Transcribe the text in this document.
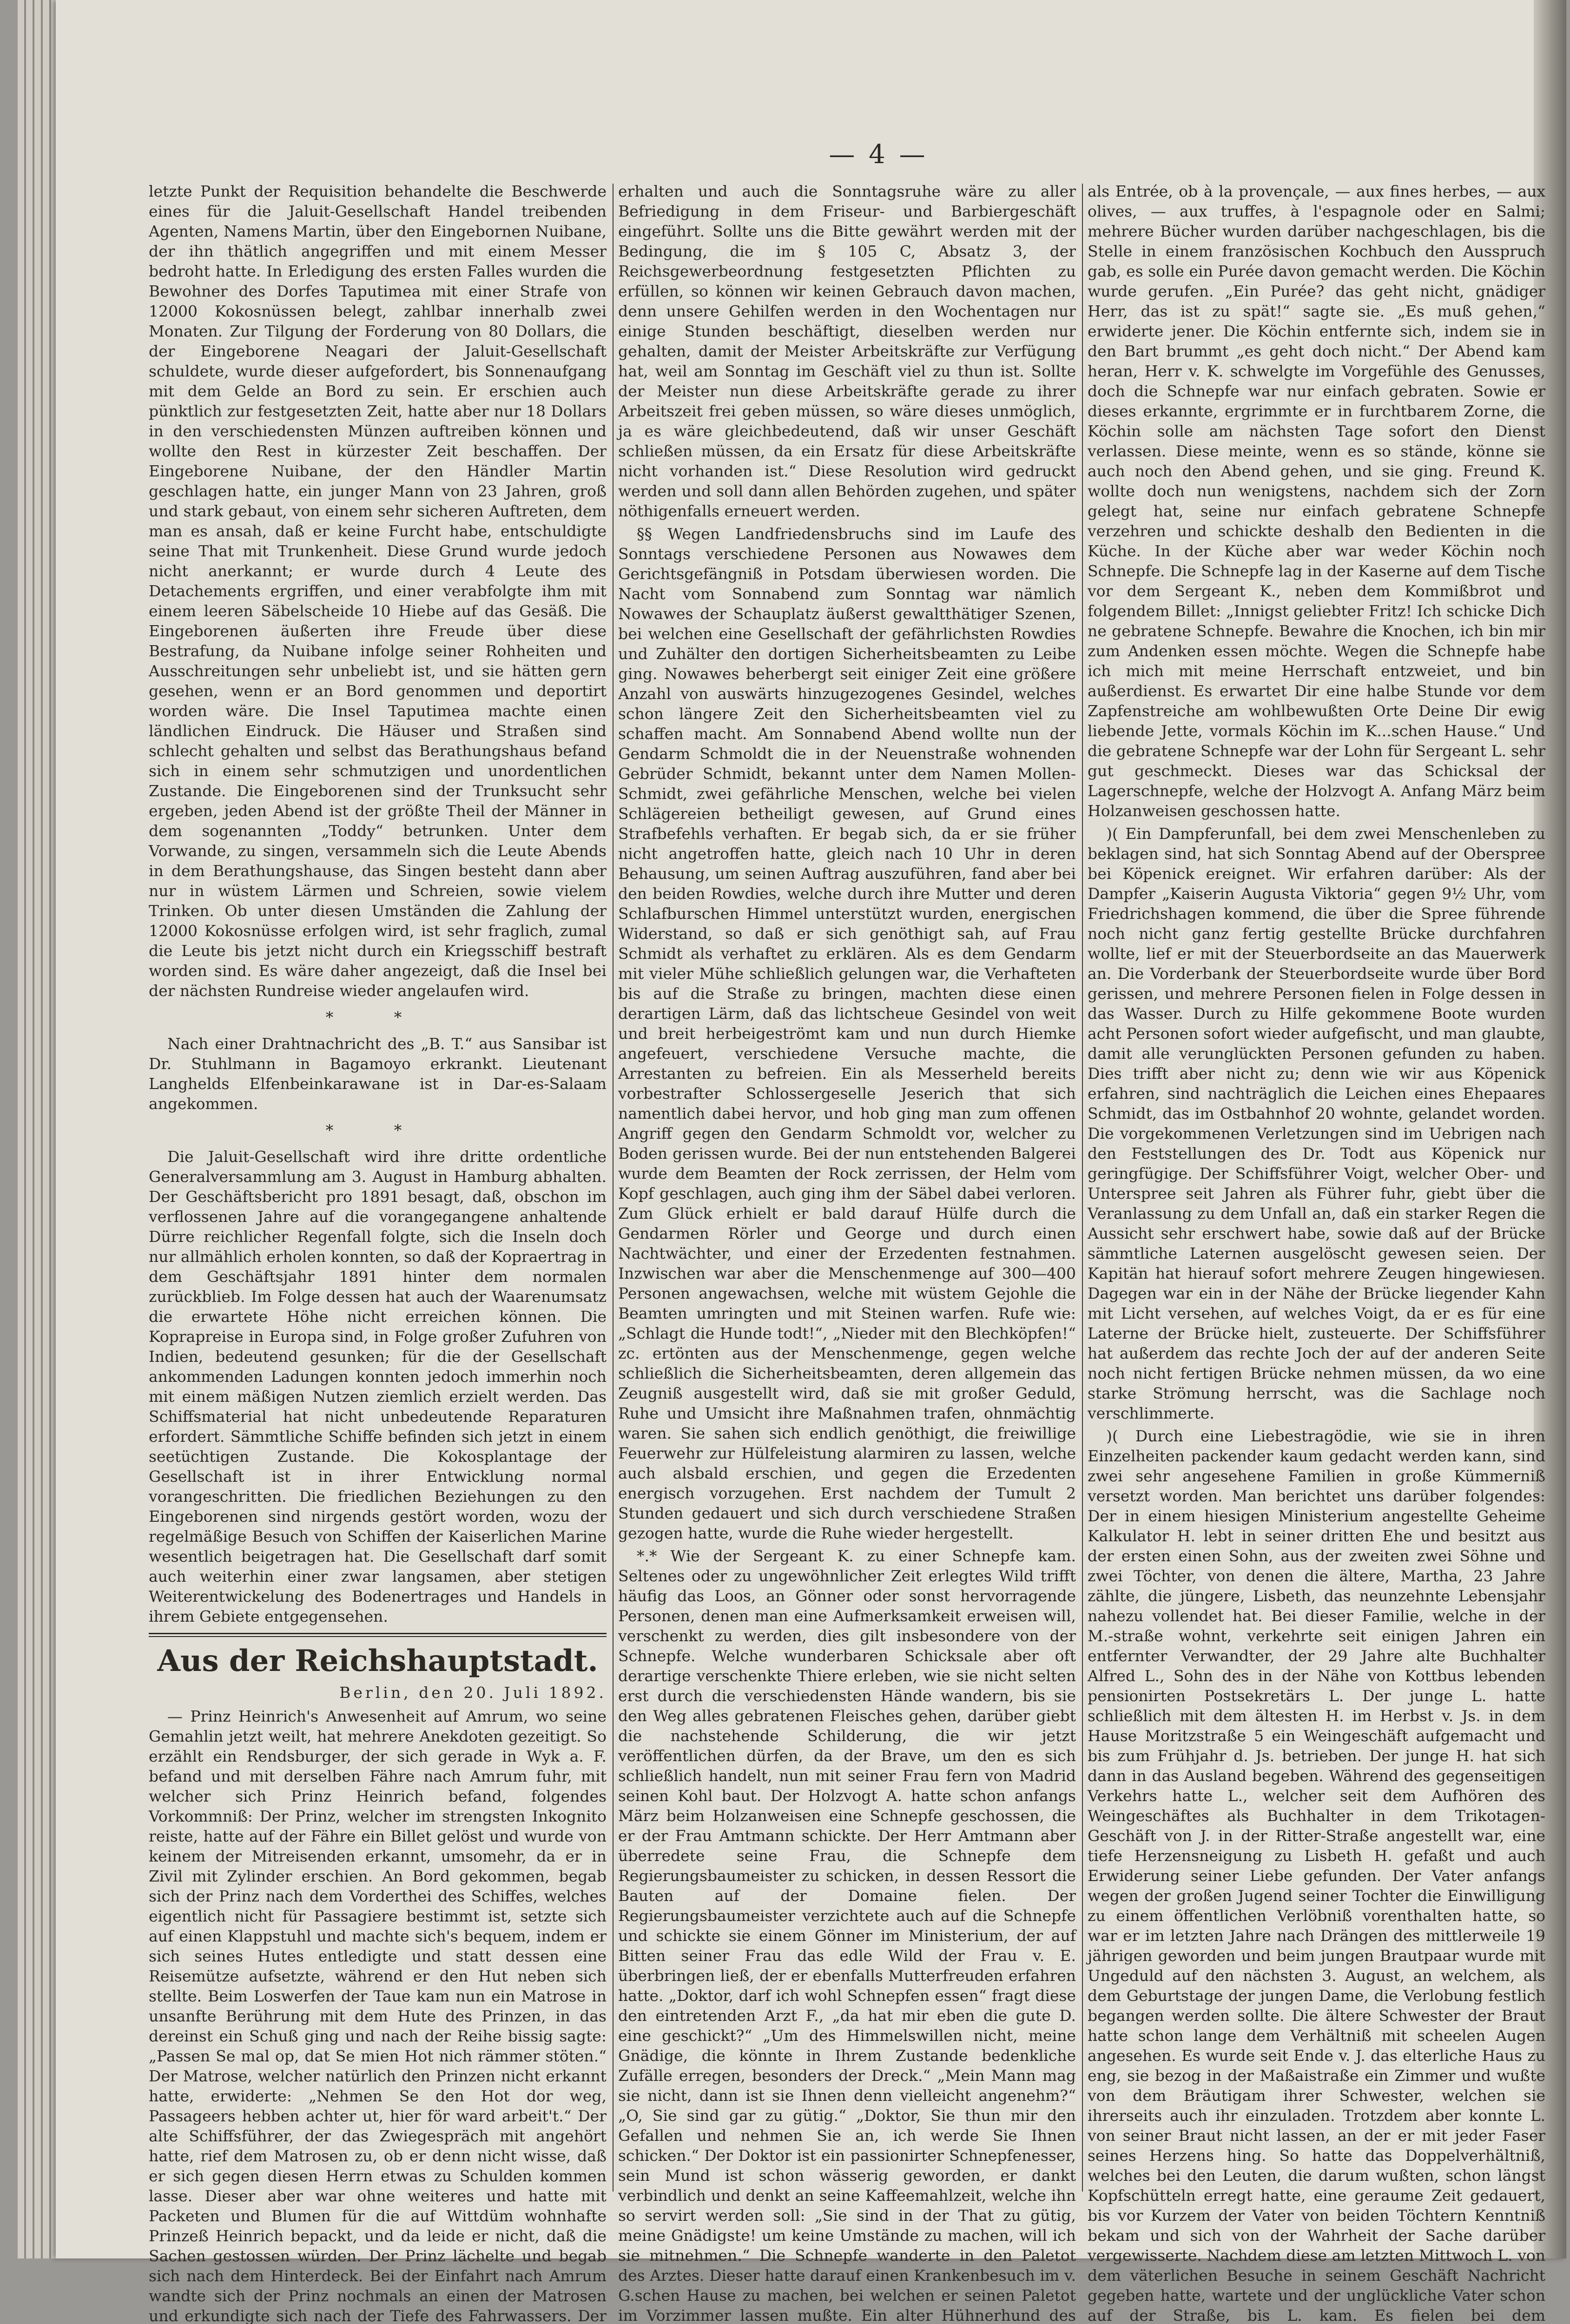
— 4 —

letzte Punkt der Requisition behandelte die Beschwerde eines für die Jaluit-Gesellschaft Handel treibenden Agenten, Namens Martin, über den Eingebornen Nuibane, der ihn thätlich angegriffen und mit einem Messer bedroht hatte. In Erledigung des ersten Falles wurden die Bewohner des Dorfes Taputimea mit einer Strafe von 12000 Kokosnüssen belegt, zahlbar innerhalb zwei Monaten. Zur Tilgung der Forderung von 80 Dollars, die der Eingeborene Neagari der Jaluit-Gesellschaft schuldete, wurde dieser aufgefordert, bis Sonnenaufgang mit dem Gelde an Bord zu sein. Er erschien auch pünktlich zur festgesetzten Zeit, hatte aber nur 18 Dollars in den verschiedensten Münzen auftreiben können und wollte den Rest in kürzester Zeit beschaffen. Der Eingeborene Nuibane, der den Händler Martin geschlagen hatte, ein junger Mann von 23 Jahren, groß und stark gebaut, von einem sehr sicheren Auftreten, dem man es ansah, daß er keine Furcht habe, entschuldigte seine That mit Trunkenheit. Diese Grund wurde jedoch nicht anerkannt; er wurde durch 4 Leute des Detachements ergriffen, und einer verabfolgte ihm mit einem leeren Säbelscheide 10 Hiebe auf das Gesäß. Die Eingeborenen äußerten ihre Freude über diese Bestrafung, da Nuibane infolge seiner Rohheiten und Ausschreitungen sehr unbeliebt ist, und sie hätten gern gesehen, wenn er an Bord genommen und deportirt worden wäre. Die Insel Taputimea machte einen ländlichen Eindruck. Die Häuser und Straßen sind schlecht gehalten und selbst das Berathungshaus befand sich in einem sehr schmutzigen und unordentlichen Zustande. Die Eingeborenen sind der Trunksucht sehr ergeben, jeden Abend ist der größte Theil der Männer in dem sogenannten „Toddy“ betrunken. Unter dem Vorwande, zu singen, versammeln sich die Leute Abends in dem Berathungshause, das Singen besteht dann aber nur in wüstem Lärmen und Schreien, sowie vielem Trinken. Ob unter diesen Umständen die Zahlung der 12000 Kokosnüsse erfolgen wird, ist sehr fraglich, zumal die Leute bis jetzt nicht durch ein Kriegsschiff bestraft worden sind. Es wäre daher angezeigt, daß die Insel bei der nächsten Rundreise wieder angelaufen wird.

* *

Nach einer Drahtnachricht des „B. T.“ aus Sansibar ist Dr. Stuhlmann in Bagamoyo erkrankt. Lieutenant Langhelds Elfenbeinkarawane ist in Dar-es-Salaam angekommen.

* *

Die Jaluit-Gesellschaft wird ihre dritte ordentliche Generalversammlung am 3. August in Hamburg abhalten. Der Geschäftsbericht pro 1891 besagt, daß, obschon im verflossenen Jahre auf die vorangegangene anhaltende Dürre reichlicher Regenfall folgte, sich die Inseln doch nur allmählich erholen konnten, so daß der Kopraertrag in dem Geschäftsjahr 1891 hinter dem normalen zurückblieb. Im Folge dessen hat auch der Waarenumsatz die erwartete Höhe nicht erreichen können. Die Koprapreise in Europa sind, in Folge großer Zufuhren von Indien, bedeutend gesunken; für die der Gesellschaft ankommenden Ladungen konnten jedoch immerhin noch mit einem mäßigen Nutzen ziemlich erzielt werden. Das Schiffsmaterial hat nicht unbedeutende Reparaturen erfordert. Sämmtliche Schiffe befinden sich jetzt in einem seetüchtigen Zustande. Die Kokosplantage der Gesellschaft ist in ihrer Entwicklung normal vorangeschritten. Die friedlichen Beziehungen zu den Eingeborenen sind nirgends gestört worden, wozu der regelmäßige Besuch von Schiffen der Kaiserlichen Marine wesentlich beigetragen hat. Die Gesellschaft darf somit auch weiterhin einer zwar langsamen, aber stetigen Weiterentwickelung des Bodenertrages und Handels in ihrem Gebiete entgegensehen.

Aus der Reichshauptstadt.
Berlin, den 20. Juli 1892.

— Prinz Heinrich's Anwesenheit auf Amrum, wo seine Gemahlin jetzt weilt, hat mehrere Anekdoten gezeitigt. So erzählt ein Rendsburger, der sich gerade in Wyk a. F. befand und mit derselben Fähre nach Amrum fuhr, mit welcher sich Prinz Heinrich befand, folgendes Vorkommniß: Der Prinz, welcher im strengsten Inkognito reiste, hatte auf der Fähre ein Billet gelöst und wurde von keinem der Mitreisenden erkannt, umsomehr, da er in Zivil mit Zylinder erschien. An Bord gekommen, begab sich der Prinz nach dem Vorderthei des Schiffes, welches eigentlich nicht für Passagiere bestimmt ist, setzte sich auf einen Klappstuhl und machte sich's bequem, indem er sich seines Hutes entledigte und statt dessen eine Reisemütze aufsetzte, während er den Hut neben sich stellte. Beim Loswerfen der Taue kam nun ein Matrose in unsanfte Berührung mit dem Hute des Prinzen, in das dereinst ein Schuß ging und nach der Reihe bissig sagte: „Passen Se mal op, dat Se mien Hot nich rämmer stöten.“ Der Matrose, welcher natürlich den Prinzen nicht erkannt hatte, erwiderte: „Nehmen Se den Hot dor weg, Passageers hebben achter ut, hier för ward arbeit't.“ Der alte Schiffsführer, der das Zwiegespräch mit angehört hatte, rief dem Matrosen zu, ob er denn nicht wisse, daß er sich gegen diesen Herrn etwas zu Schulden kommen lasse. Dieser aber war ohne weiteres und hatte mit Packeten und Blumen für die auf Wittdüm wohnhafte Prinzeß Heinrich bepackt, und da leide er nicht, daß die Sachen gestossen würden. Der Prinz lächelte und begab sich nach dem Hinterdeck. Bei der Einfahrt nach Amrum wandte sich der Prinz nochmals an einen der Matrosen und erkundigte sich nach der Tiefe des Fahrwassers. Der

erhalten und auch die Sonntagsruhe wäre zu aller Befriedigung in dem Friseur- und Barbiergeschäft eingeführt. Sollte uns die Bitte gewährt werden mit der Bedingung, die im § 105 C, Absatz 3, der Reichsgewerbeordnung festgesetzten Pflichten zu erfüllen, so können wir keinen Gebrauch davon machen, denn unsere Gehilfen werden in den Wochentagen nur einige Stunden beschäftigt, dieselben werden nur gehalten, damit der Meister Arbeitskräfte zur Verfügung hat, weil am Sonntag im Geschäft viel zu thun ist. Sollte der Meister nun diese Arbeitskräfte gerade zu ihrer Arbeitszeit frei geben müssen, so wäre dieses unmöglich, ja es wäre gleichbedeutend, daß wir unser Geschäft schließen müssen, da ein Ersatz für diese Arbeitskräfte nicht vorhanden ist.“ Diese Resolution wird gedruckt werden und soll dann allen Behörden zugehen, und später nöthigenfalls erneuert werden.

§§ Wegen Landfriedensbruchs sind im Laufe des Sonntags verschiedene Personen aus Nowawes dem Gerichtsgefängniß in Potsdam überwiesen worden. Die Nacht vom Sonnabend zum Sonntag war nämlich Nowawes der Schauplatz äußerst gewaltthätiger Szenen, bei welchen eine Gesellschaft der gefährlichsten Rowdies und Zuhälter den dortigen Sicherheitsbeamten zu Leibe ging. Nowawes beherbergt seit einiger Zeit eine größere Anzahl von auswärts hinzugezogenes Gesindel, welches schon längere Zeit den Sicherheitsbeamten viel zu schaffen macht. Am Sonnabend Abend wollte nun der Gendarm Schmoldt die in der Neuenstraße wohnenden Gebrüder Schmidt, bekannt unter dem Namen Mollen-Schmidt, zwei gefährliche Menschen, welche bei vielen Schlägereien betheiligt gewesen, auf Grund eines Strafbefehls verhaften. Er begab sich, da er sie früher nicht angetroffen hatte, gleich nach 10 Uhr in deren Behausung, um seinen Auftrag auszuführen, fand aber bei den beiden Rowdies, welche durch ihre Mutter und deren Schlafburschen Himmel unterstützt wurden, energischen Widerstand, so daß er sich genöthigt sah, auf Frau Schmidt als verhaftet zu erklären. Als es dem Gendarm mit vieler Mühe schließlich gelungen war, die Verhafteten bis auf die Straße zu bringen, machten diese einen derartigen Lärm, daß das lichtscheue Gesindel von weit und breit herbeigeströmt kam und nun durch Hiemke angefeuert, verschiedene Versuche machte, die Arrestanten zu befreien. Ein als Messerheld bereits vorbestrafter Schlossergeselle Jeserich that sich namentlich dabei hervor, und hob ging man zum offenen Angriff gegen den Gendarm Schmoldt vor, welcher zu Boden gerissen wurde. Bei der nun entstehenden Balgerei wurde dem Beamten der Rock zerrissen, der Helm vom Kopf geschlagen, auch ging ihm der Säbel dabei verloren. Zum Glück erhielt er bald darauf Hülfe durch die Gendarmen Rörler und George und durch einen Nachtwächter, und einer der Erzedenten festnahmen. Inzwischen war aber die Menschenmenge auf 300—400 Personen angewachsen, welche mit wüstem Gejohle die Beamten umringten und mit Steinen warfen. Rufe wie: „Schlagt die Hunde todt!“, „Nieder mit den Blechköpfen!“ zc. ertönten aus der Menschenmenge, gegen welche schließlich die Sicherheitsbeamten, deren allgemein das Zeugniß ausgestellt wird, daß sie mit großer Geduld, Ruhe und Umsicht ihre Maßnahmen trafen, ohnmächtig waren. Sie sahen sich endlich genöthigt, die freiwillige Feuerwehr zur Hülfeleistung alarmiren zu lassen, welche auch alsbald erschien, und gegen die Erzedenten energisch vorzugehen. Erst nachdem der Tumult 2 Stunden gedauert und sich durch verschiedene Straßen gezogen hatte, wurde die Ruhe wieder hergestellt.

*.* Wie der Sergeant K. zu einer Schnepfe kam. Seltenes oder zu ungewöhnlicher Zeit erlegtes Wild trifft häufig das Loos, an Gönner oder sonst hervorragende Personen, denen man eine Aufmerksamkeit erweisen will, verschenkt zu werden, dies gilt insbesondere von der Schnepfe. Welche wunderbaren Schicksale aber oft derartige verschenkte Thiere erleben, wie sie nicht selten erst durch die verschiedensten Hände wandern, bis sie den Weg alles gebratenen Fleisches gehen, darüber giebt die nachstehende Schilderung, die wir jetzt veröffentlichen dürfen, da der Brave, um den es sich schließlich handelt, nun mit seiner Frau fern von Madrid seinen Kohl baut. Der Holzvogt A. hatte schon anfangs März beim Holzanweisen eine Schnepfe geschossen, die er der Frau Amtmann schickte. Der Herr Amtmann aber überredete seine Frau, die Schnepfe dem Regierungsbaumeister zu schicken, in dessen Ressort die Bauten auf der Domaine fielen. Der Regierungsbaumeister verzichtete auch auf die Schnepfe und schickte sie einem Gönner im Ministerium, der auf Bitten seiner Frau das edle Wild der Frau v. E. überbringen ließ, der er ebenfalls Mutterfreuden erfahren hatte. „Doktor, darf ich wohl Schnepfen essen“ fragt diese den eintretenden Arzt F., „da hat mir eben die gute D. eine geschickt?“ „Um des Himmelswillen nicht, meine Gnädige, die könnte in Ihrem Zustande bedenkliche Zufälle erregen, besonders der Dreck.“ „Mein Mann mag sie nicht, dann ist sie Ihnen denn vielleicht angenehm?“ „O, Sie sind gar zu gütig.“ „Doktor, Sie thun mir den Gefallen und nehmen Sie an, ich werde Sie Ihnen schicken.“ Der Doktor ist ein passionirter Schnepfenesser, sein Mund ist schon wässerig geworden, er dankt verbindlich und denkt an seine Kaffeemahlzeit, welche ihn so servirt werden soll: „Sie sind in der That zu gütig, meine Gnädigste! um keine Umstände zu machen, will ich sie mitnehmen.“ Die Schnepfe wanderte in den Paletot des Arztes. Dieser hatte darauf einen Krankenbesuch im v. G.schen Hause zu machen, bei welchen er seinen Paletot im Vorzimmer lassen mußte. Ein alter Hühnerhund des

als Entrée, ob à la provençale, — aux fines herbes, — aux olives, — aux truffes, à l'espagnole oder en Salmi; mehrere Bücher wurden darüber nachgeschlagen, bis die Stelle in einem französischen Kochbuch den Ausspruch gab, es solle ein Purée davon gemacht werden. Die Köchin wurde gerufen. „Ein Purée? das geht nicht, gnädiger Herr, das ist zu spät!“ sagte sie. „Es muß gehen,“ erwiderte jener. Die Köchin entfernte sich, indem sie in den Bart brummt „es geht doch nicht.“ Der Abend kam heran, Herr v. K. schwelgte im Vorgefühle des Genusses, doch die Schnepfe war nur einfach gebraten. Sowie er dieses erkannte, ergrimmte er in furchtbarem Zorne, die Köchin solle am nächsten Tage sofort den Dienst verlassen. Diese meinte, wenn es so stände, könne sie auch noch den Abend gehen, und sie ging. Freund K. wollte doch nun wenigstens, nachdem sich der Zorn gelegt hat, seine nur einfach gebratene Schnepfe verzehren und schickte deshalb den Bedienten in die Küche. In der Küche aber war weder Köchin noch Schnepfe. Die Schnepfe lag in der Kaserne auf dem Tische vor dem Sergeant K., neben dem Kommißbrot und folgendem Billet: „Innigst geliebter Fritz! Ich schicke Dich ne gebratene Schnepfe. Bewahre die Knochen, ich bin mir zum Andenken essen möchte. Wegen die Schnepfe habe ich mich mit meine Herrschaft entzweiet, und bin außerdienst. Es erwartet Dir eine halbe Stunde vor dem Zapfenstreiche am wohlbewußten Orte Deine Dir ewig liebende Jette, vormals Köchin im K...schen Hause.“ Und die gebratene Schnepfe war der Lohn für Sergeant L. sehr gut geschmeckt. Dieses war das Schicksal der Lagerschnepfe, welche der Holzvogt A. Anfang März beim Holzanweisen geschossen hatte.

)( Ein Dampferunfall, bei dem zwei Menschenleben zu beklagen sind, hat sich Sonntag Abend auf der Oberspree bei Köpenick ereignet. Wir erfahren darüber: Als der Dampfer „Kaiserin Augusta Viktoria“ gegen 9½ Uhr, vom Friedrichshagen kommend, die über die Spree führende noch nicht ganz fertig gestellte Brücke durchfahren wollte, lief er mit der Steuerbordseite an das Mauerwerk an. Die Vorderbank der Steuerbordseite wurde über Bord gerissen, und mehrere Personen fielen in Folge dessen in das Wasser. Durch zu Hilfe gekommene Boote wurden acht Personen sofort wieder aufgefischt, und man glaubte, damit alle verunglückten Personen gefunden zu haben. Dies trifft aber nicht zu; denn wie wir aus Köpenick erfahren, sind nachträglich die Leichen eines Ehepaares Schmidt, das im Ostbahnhof 20 wohnte, gelandet worden. Die vorgekommenen Verletzungen sind im Uebrigen nach den Feststellungen des Dr. Todt aus Köpenick nur geringfügige. Der Schiffsführer Voigt, welcher Ober- und Unterspree seit Jahren als Führer fuhr, giebt über die Veranlassung zu dem Unfall an, daß ein starker Regen die Aussicht sehr erschwert habe, sowie daß auf der Brücke sämmtliche Laternen ausgelöscht gewesen seien. Der Kapitän hat hierauf sofort mehrere Zeugen hingewiesen. Dagegen war ein in der Nähe der Brücke liegender Kahn mit Licht versehen, auf welches Voigt, da er es für eine Laterne der Brücke hielt, zusteuerte. Der Schiffsführer hat außerdem das rechte Joch der auf der anderen Seite noch nicht fertigen Brücke nehmen müssen, da wo eine starke Strömung herrscht, was die Sachlage noch verschlimmerte.

)( Durch eine Liebestragödie, wie sie in ihren Einzelheiten packender kaum gedacht werden kann, sind zwei sehr angesehene Familien in große Kümmerniß versetzt worden. Man berichtet uns darüber folgendes: Der in einem hiesigen Ministerium angestellte Geheime Kalkulator H. lebt in seiner dritten Ehe und besitzt aus der ersten einen Sohn, aus der zweiten zwei Söhne und zwei Töchter, von denen die ältere, Martha, 23 Jahre zählte, die jüngere, Lisbeth, das neunzehnte Lebensjahr nahezu vollendet hat. Bei dieser Familie, welche in der M.-straße wohnt, verkehrte seit einigen Jahren ein entfernter Verwandter, der 29 Jahre alte Buchhalter Alfred L., Sohn des in der Nähe von Kottbus lebenden pensionirten Postsekretärs L. Der junge L. hatte schließlich mit dem ältesten H. im Herbst v. Js. in dem Hause Moritzstraße 5 ein Weingeschäft aufgemacht und bis zum Frühjahr d. Js. betrieben. Der junge H. hat sich dann in das Ausland begeben. Während des gegenseitigen Verkehrs hatte L., welcher seit dem Aufhören des Weingeschäftes als Buchhalter in dem Trikotagen-Geschäft von J. in der Ritter-Straße angestellt war, eine tiefe Herzensneigung zu Lisbeth H. gefaßt und auch Erwiderung seiner Liebe gefunden. Der Vater anfangs wegen der großen Jugend seiner Tochter die Einwilligung zu einem öffentlichen Verlöbniß vorenthalten hatte, so war er im letzten Jahre nach Drängen des mittlerweile 19 jährigen geworden und beim jungen Brautpaar wurde mit Ungeduld auf den nächsten 3. August, an welchem, als dem Geburtstage der jungen Dame, die Verlobung festlich begangen werden sollte. Die ältere Schwester der Braut hatte schon lange dem Verhältniß mit scheelen Augen angesehen. Es wurde seit Ende v. J. das elterliche Haus zu eng, sie bezog in der Maßaistraße ein Zimmer und wußte von dem Bräutigam ihrer Schwester, welchen sie ihrerseits auch ihr einzuladen. Trotzdem aber konnte L. von seiner Braut nicht lassen, an der er mit jeder Faser seines Herzens hing. So hatte das Doppelverhältniß, welches bei den Leuten, die darum wußten, schon längst Kopfschütteln erregt hatte, eine geraume Zeit gedauert, bis vor Kurzem der Vater von beiden Töchtern Kenntniß bekam und sich von der Wahrheit der Sache darüber vergewisserte. Nachdem diese am letzten Mittwoch L. von dem väterlichen Besuche in seinem Geschäft Nachricht gegeben hatte, wartete und der unglückliche Vater schon auf der Straße, bis L. kam. Es fielen bei dem
